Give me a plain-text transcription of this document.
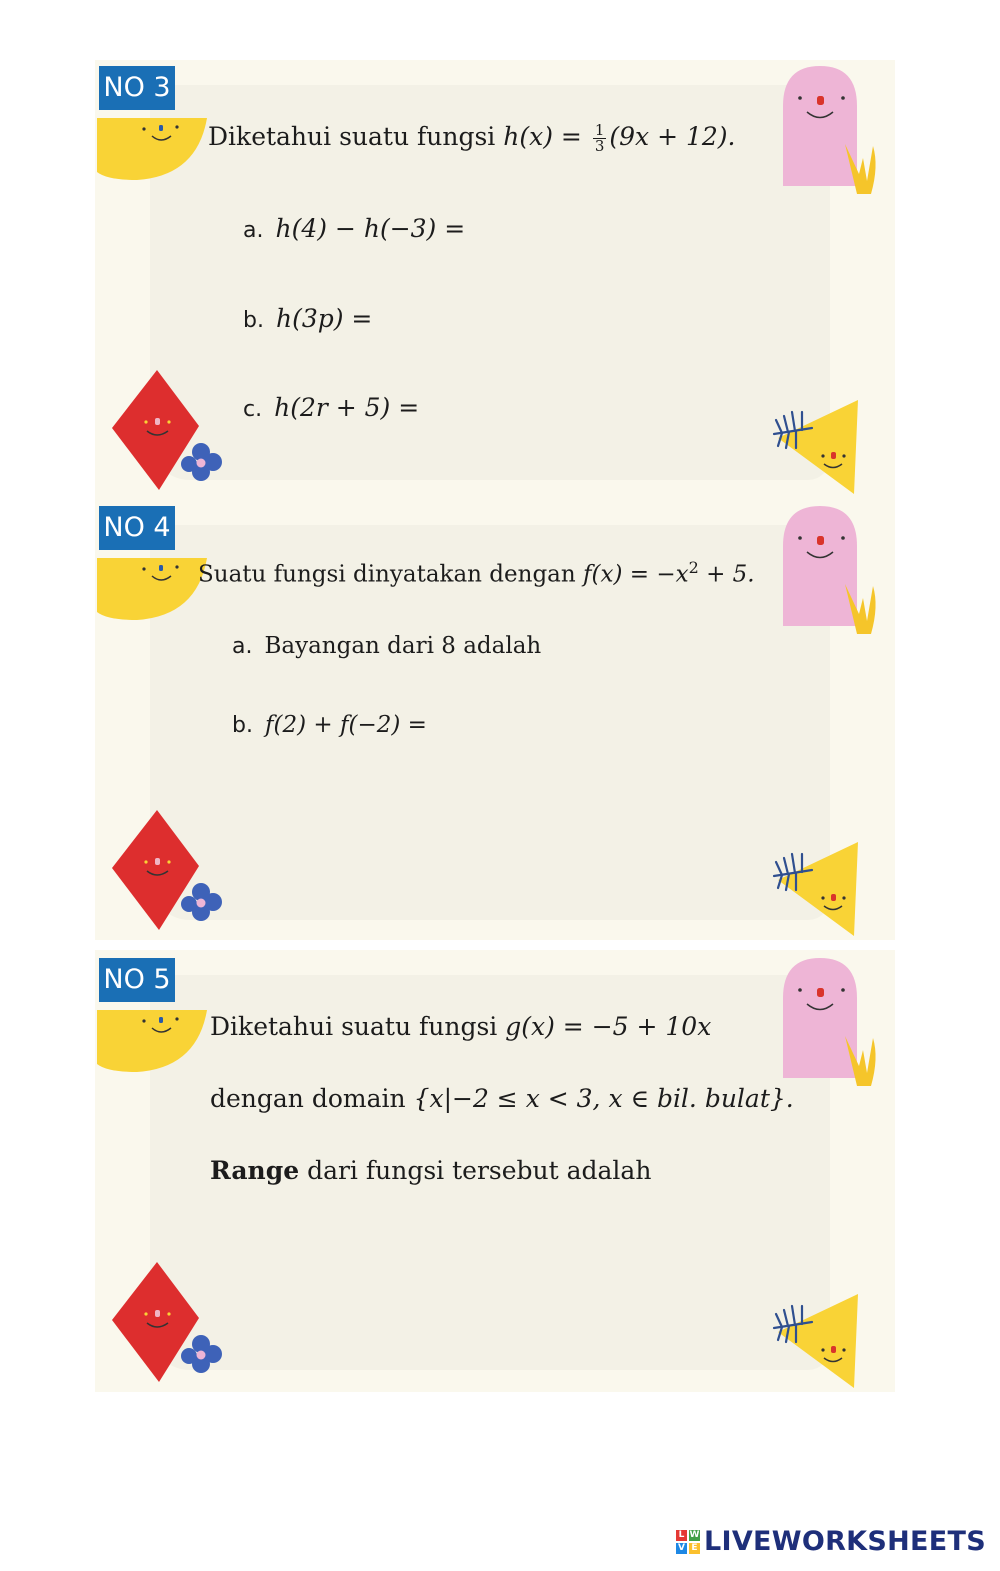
NO 3
Diketahui suatu fungsi $h(x) = \frac{1}{3} (9x + 12)$.
a. h(4) − h(−3) =
b. h(3p) =
c. h(2r + 5) =
NO 4
Suatu fungsi dinyatakan dengan $f(x) = -x^2 + 5$.
a. Bayangan dari 8 adalah
b. f(2) + f(−2) =
NO 5
Diketahui suatu fungsi g(x) = −5 + 10x
dengan domain {x|−2 ≤ x < 3, x ∈ bil. bulat}.
Range dari fungsi tersebut adalah
L W
V E LIVEWORKSHEETS
